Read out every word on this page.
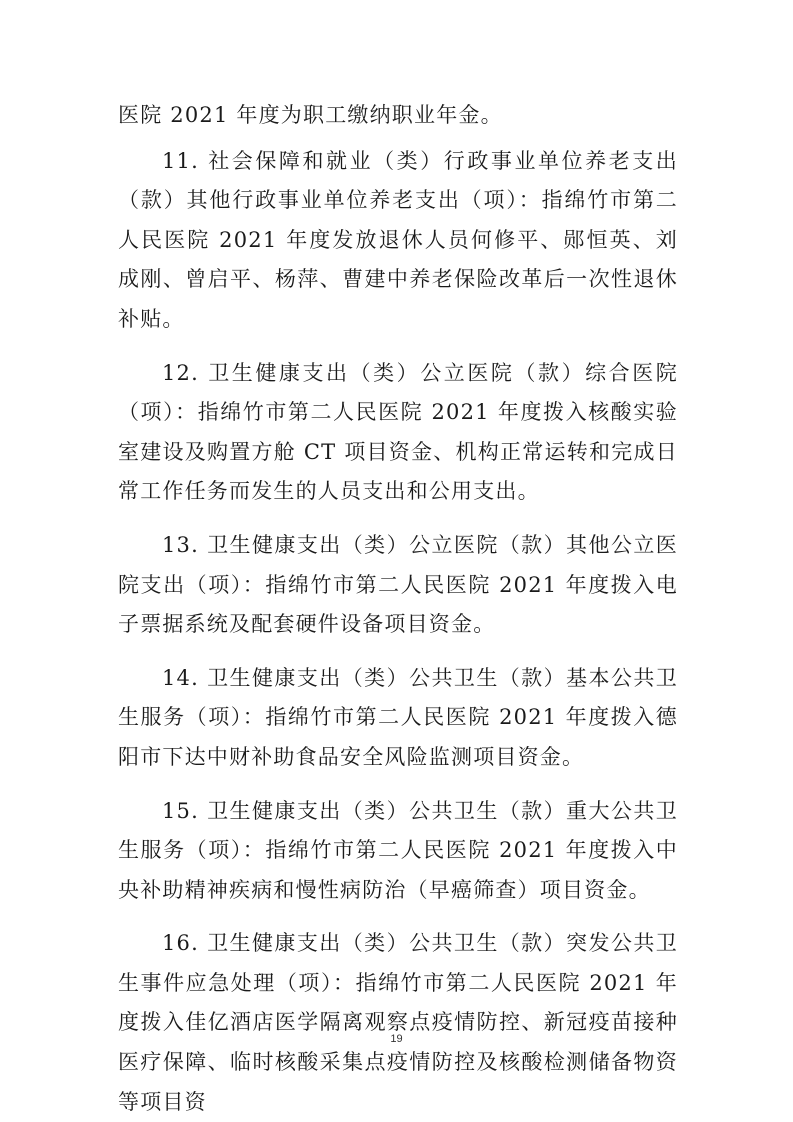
医院 2021 年度为职工缴纳职业年金。

11. 社会保障和就业（类）行政事业单位养老支出（款）其他行政事业单位养老支出（项）：指绵竹市第二人民医院 2021 年度发放退休人员何修平、郧恒英、刘成刚、曾启平、杨萍、曹建中养老保险改革后一次性退休补贴。

12. 卫生健康支出（类）公立医院（款）综合医院（项）：指绵竹市第二人民医院 2021 年度拨入核酸实验室建设及购置方舱 CT 项目资金、机构正常运转和完成日常工作任务而发生的人员支出和公用支出。

13. 卫生健康支出（类）公立医院（款）其他公立医院支出（项）：指绵竹市第二人民医院 2021 年度拨入电子票据系统及配套硬件设备项目资金。

14. 卫生健康支出（类）公共卫生（款）基本公共卫生服务（项）：指绵竹市第二人民医院 2021 年度拨入德阳市下达中财补助食品安全风险监测项目资金。

15. 卫生健康支出（类）公共卫生（款）重大公共卫生服务（项）：指绵竹市第二人民医院 2021 年度拨入中央补助精神疾病和慢性病防治（早癌筛查）项目资金。

16. 卫生健康支出（类）公共卫生（款）突发公共卫生事件应急处理（项）：指绵竹市第二人民医院 2021 年度拨入佳亿酒店医学隔离观察点疫情防控、新冠疫苗接种医疗保障、临时核酸采集点疫情防控及核酸检测储备物资等项目资

19
